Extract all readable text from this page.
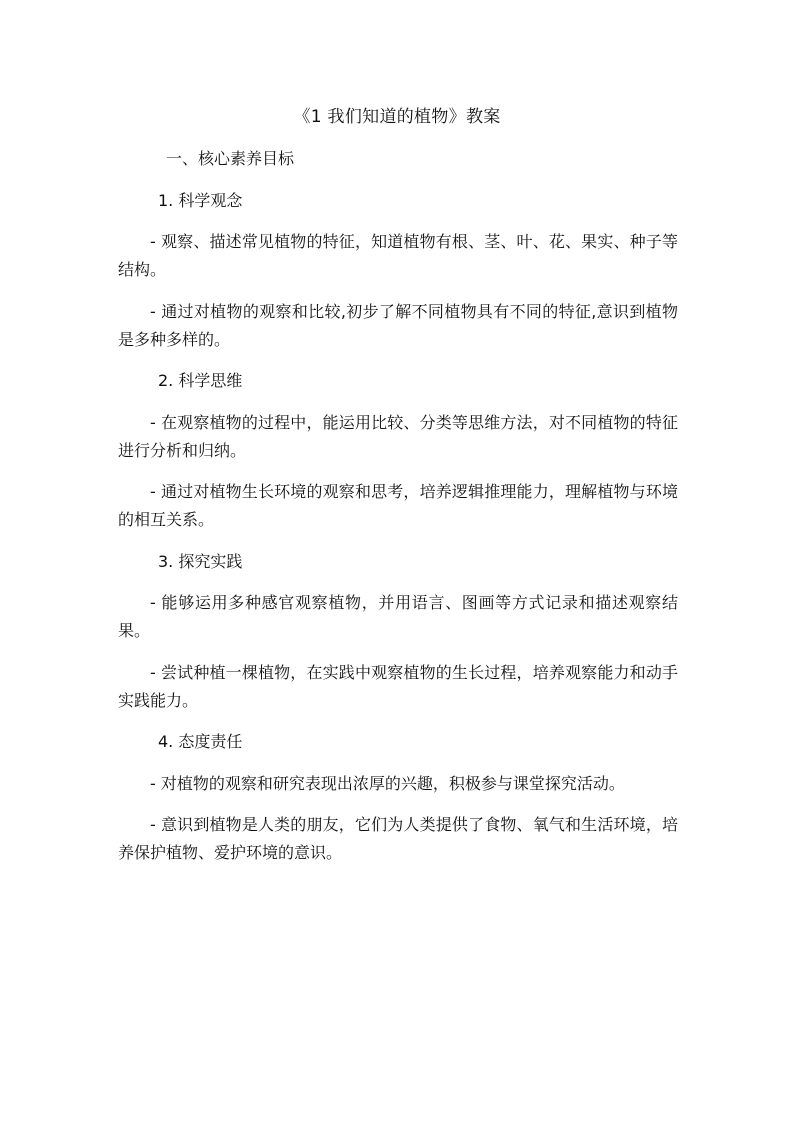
《1 我们知道的植物》教案

一、核心素养目标

1. 科学观念

- 观察、描述常见植物的特征，知道植物有根、茎、叶、花、果实、种子等结构。

- 通过对植物的观察和比较,初步了解不同植物具有不同的特征,意识到植物是多种多样的。

2. 科学思维

- 在观察植物的过程中，能运用比较、分类等思维方法，对不同植物的特征进行分析和归纳。

- 通过对植物生长环境的观察和思考，培养逻辑推理能力，理解植物与环境的相互关系。

3. 探究实践

- 能够运用多种感官观察植物，并用语言、图画等方式记录和描述观察结果。

- 尝试种植一棵植物，在实践中观察植物的生长过程，培养观察能力和动手实践能力。

4. 态度责任

- 对植物的观察和研究表现出浓厚的兴趣，积极参与课堂探究活动。

- 意识到植物是人类的朋友，它们为人类提供了食物、氧气和生活环境，培养保护植物、爱护环境的意识。
